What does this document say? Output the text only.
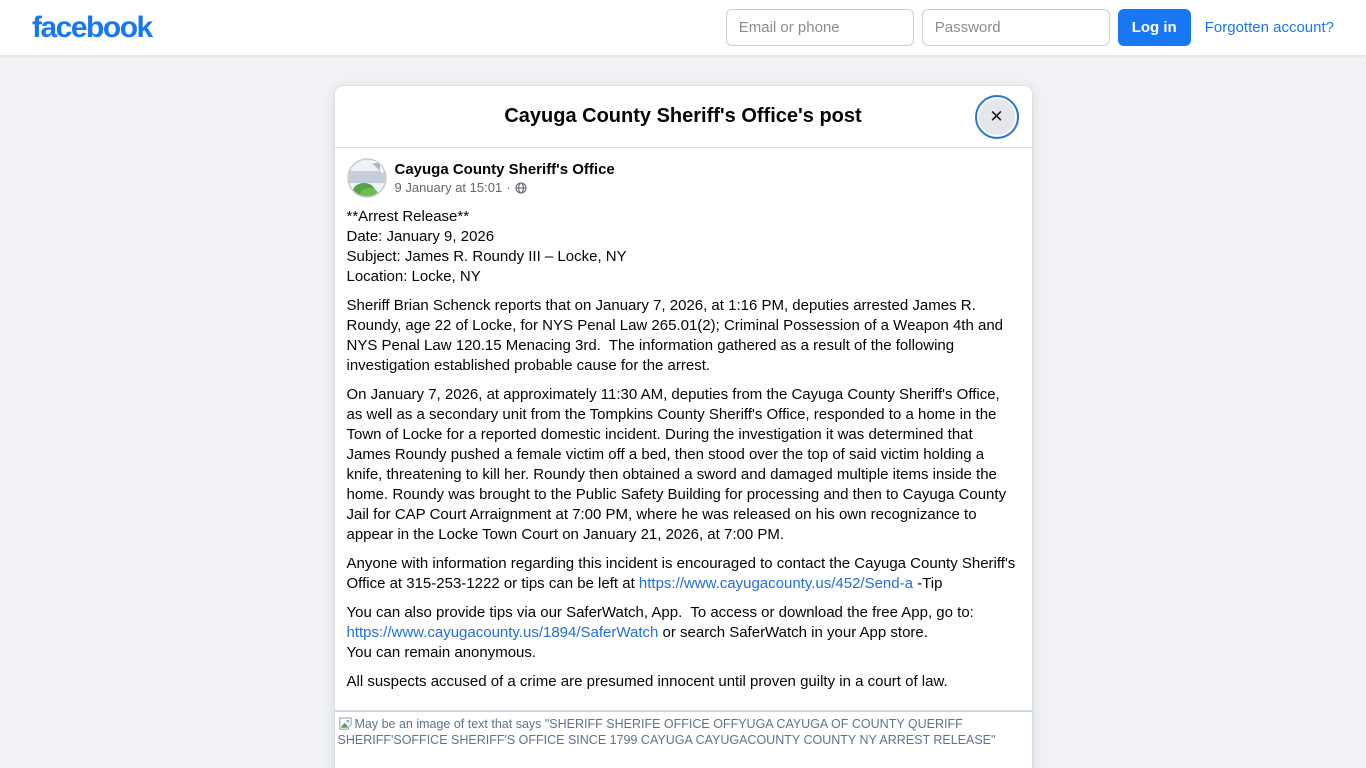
facebook
Email or phone	Log in	Forgotten account?
Cayuga County Sheriff's Office's post	✕
Cayuga County Sheriff's Office
9 January at 15:01 ·
**Arrest Release**
Date: January 9, 2026
Subject: James R. Roundy III – Locke, NY
Location: Locke, NY
Sheriff Brian Schenck reports that on January 7, 2026, at 1:16 PM, deputies arrested James R. Roundy, age 22 of Locke, for NYS Penal Law 265.01(2); Criminal Possession of a Weapon 4th and NYS Penal Law 120.15 Menacing 3rd.  The information gathered as a result of the following investigation established probable cause for the arrest.
On January 7, 2026, at approximately 11:30 AM, deputies from the Cayuga County Sheriff's Office, as well as a secondary unit from the Tompkins County Sheriff's Office, responded to a home in the Town of Locke for a reported domestic incident. During the investigation it was determined that James Roundy pushed a female victim off a bed, then stood over the top of said victim holding a knife, threatening to kill her. Roundy then obtained a sword and damaged multiple items inside the home. Roundy was brought to the Public Safety Building for processing and then to Cayuga County Jail for CAP Court Arraignment at 7:00 PM, where he was released on his own recognizance to appear in the Locke Town Court on January 21, 2026, at 7:00 PM.
Anyone with information regarding this incident is encouraged to contact the Cayuga County Sheriff's Office at 315-253-1222 or tips can be left at https://www.cayugacounty.us/452/Send-a -Tip
You can also provide tips via our SaferWatch, App.  To access or download the free App, go to:
https://www.cayugacounty.us/1894/SaferWatch or search SaferWatch in your App store.
You can remain anonymous.
All suspects accused of a crime are presumed innocent until proven guilty in a court of law.
May be an image of text that says "SHERIFF SHERIFE OFFICE OFFYUGA CAYUGA OF COUNTY QUERIFF SHERIFF'SOFFICE SHERIFF'S OFFICE SINCE 1799 CAYUGA CAYUGACOUNTY COUNTY NY ARREST RELEASE"
